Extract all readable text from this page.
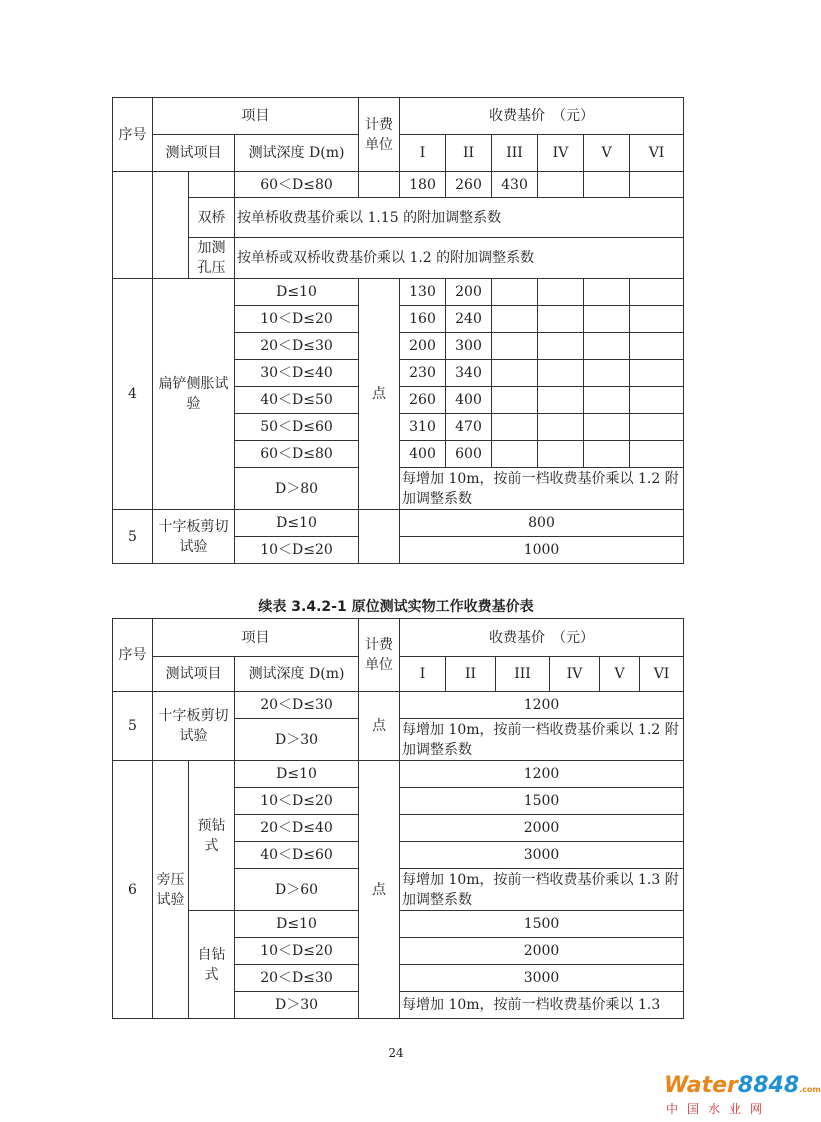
序号	项目			计费单位	收费基价　（元）					
	测试项目		测试深度 D(m)		I	II	III	IV	V	VI
			60＜D≤80		180	260	430			
		双桥	按单桥收费基价乘以 1.15 的附加调整系数							
		加测孔压	按单桥或双桥收费基价乘以 1.2 的附加调整系数							
4	扁铲侧胀试验		D≤10	点	130	200				
			10＜D≤20		160	240				
			20＜D≤30		200	300				
			30＜D≤40		230	340				
			40＜D≤50		260	400				
			50＜D≤60		310	470				
			60＜D≤80		400	600				
			D＞80		每增加 10m，按前一档收费基价乘以 1.2 附加调整系数					
5	十字板剪切试验		D≤10		800					
			10＜D≤20		1000					
续表 3.4.2-1 原位测试实物工作收费基价表
序号	项目			计费单位	收费基价　（元）					
	测试项目		测试深度 D(m)		I	II	III	IV	V	VI
5	十字板剪切试验		20＜D≤30	点	1200					
			D＞30		每增加 10m，按前一档收费基价乘以 1.2 附加调整系数					
6	旁压试验	预钻式	D≤10	点	1200					
			10＜D≤20		1500					
			20＜D≤40		2000					
			40＜D≤60		3000					
			D＞60		每增加 10m，按前一档收费基价乘以 1.3 附加调整系数					
		自钻式	D≤10		1500					
			10＜D≤20		2000					
			20＜D≤30		3000					
			D＞30		每增加 10m，按前一档收费基价乘以 1.3					
24
Water8848.com
中国水业网
